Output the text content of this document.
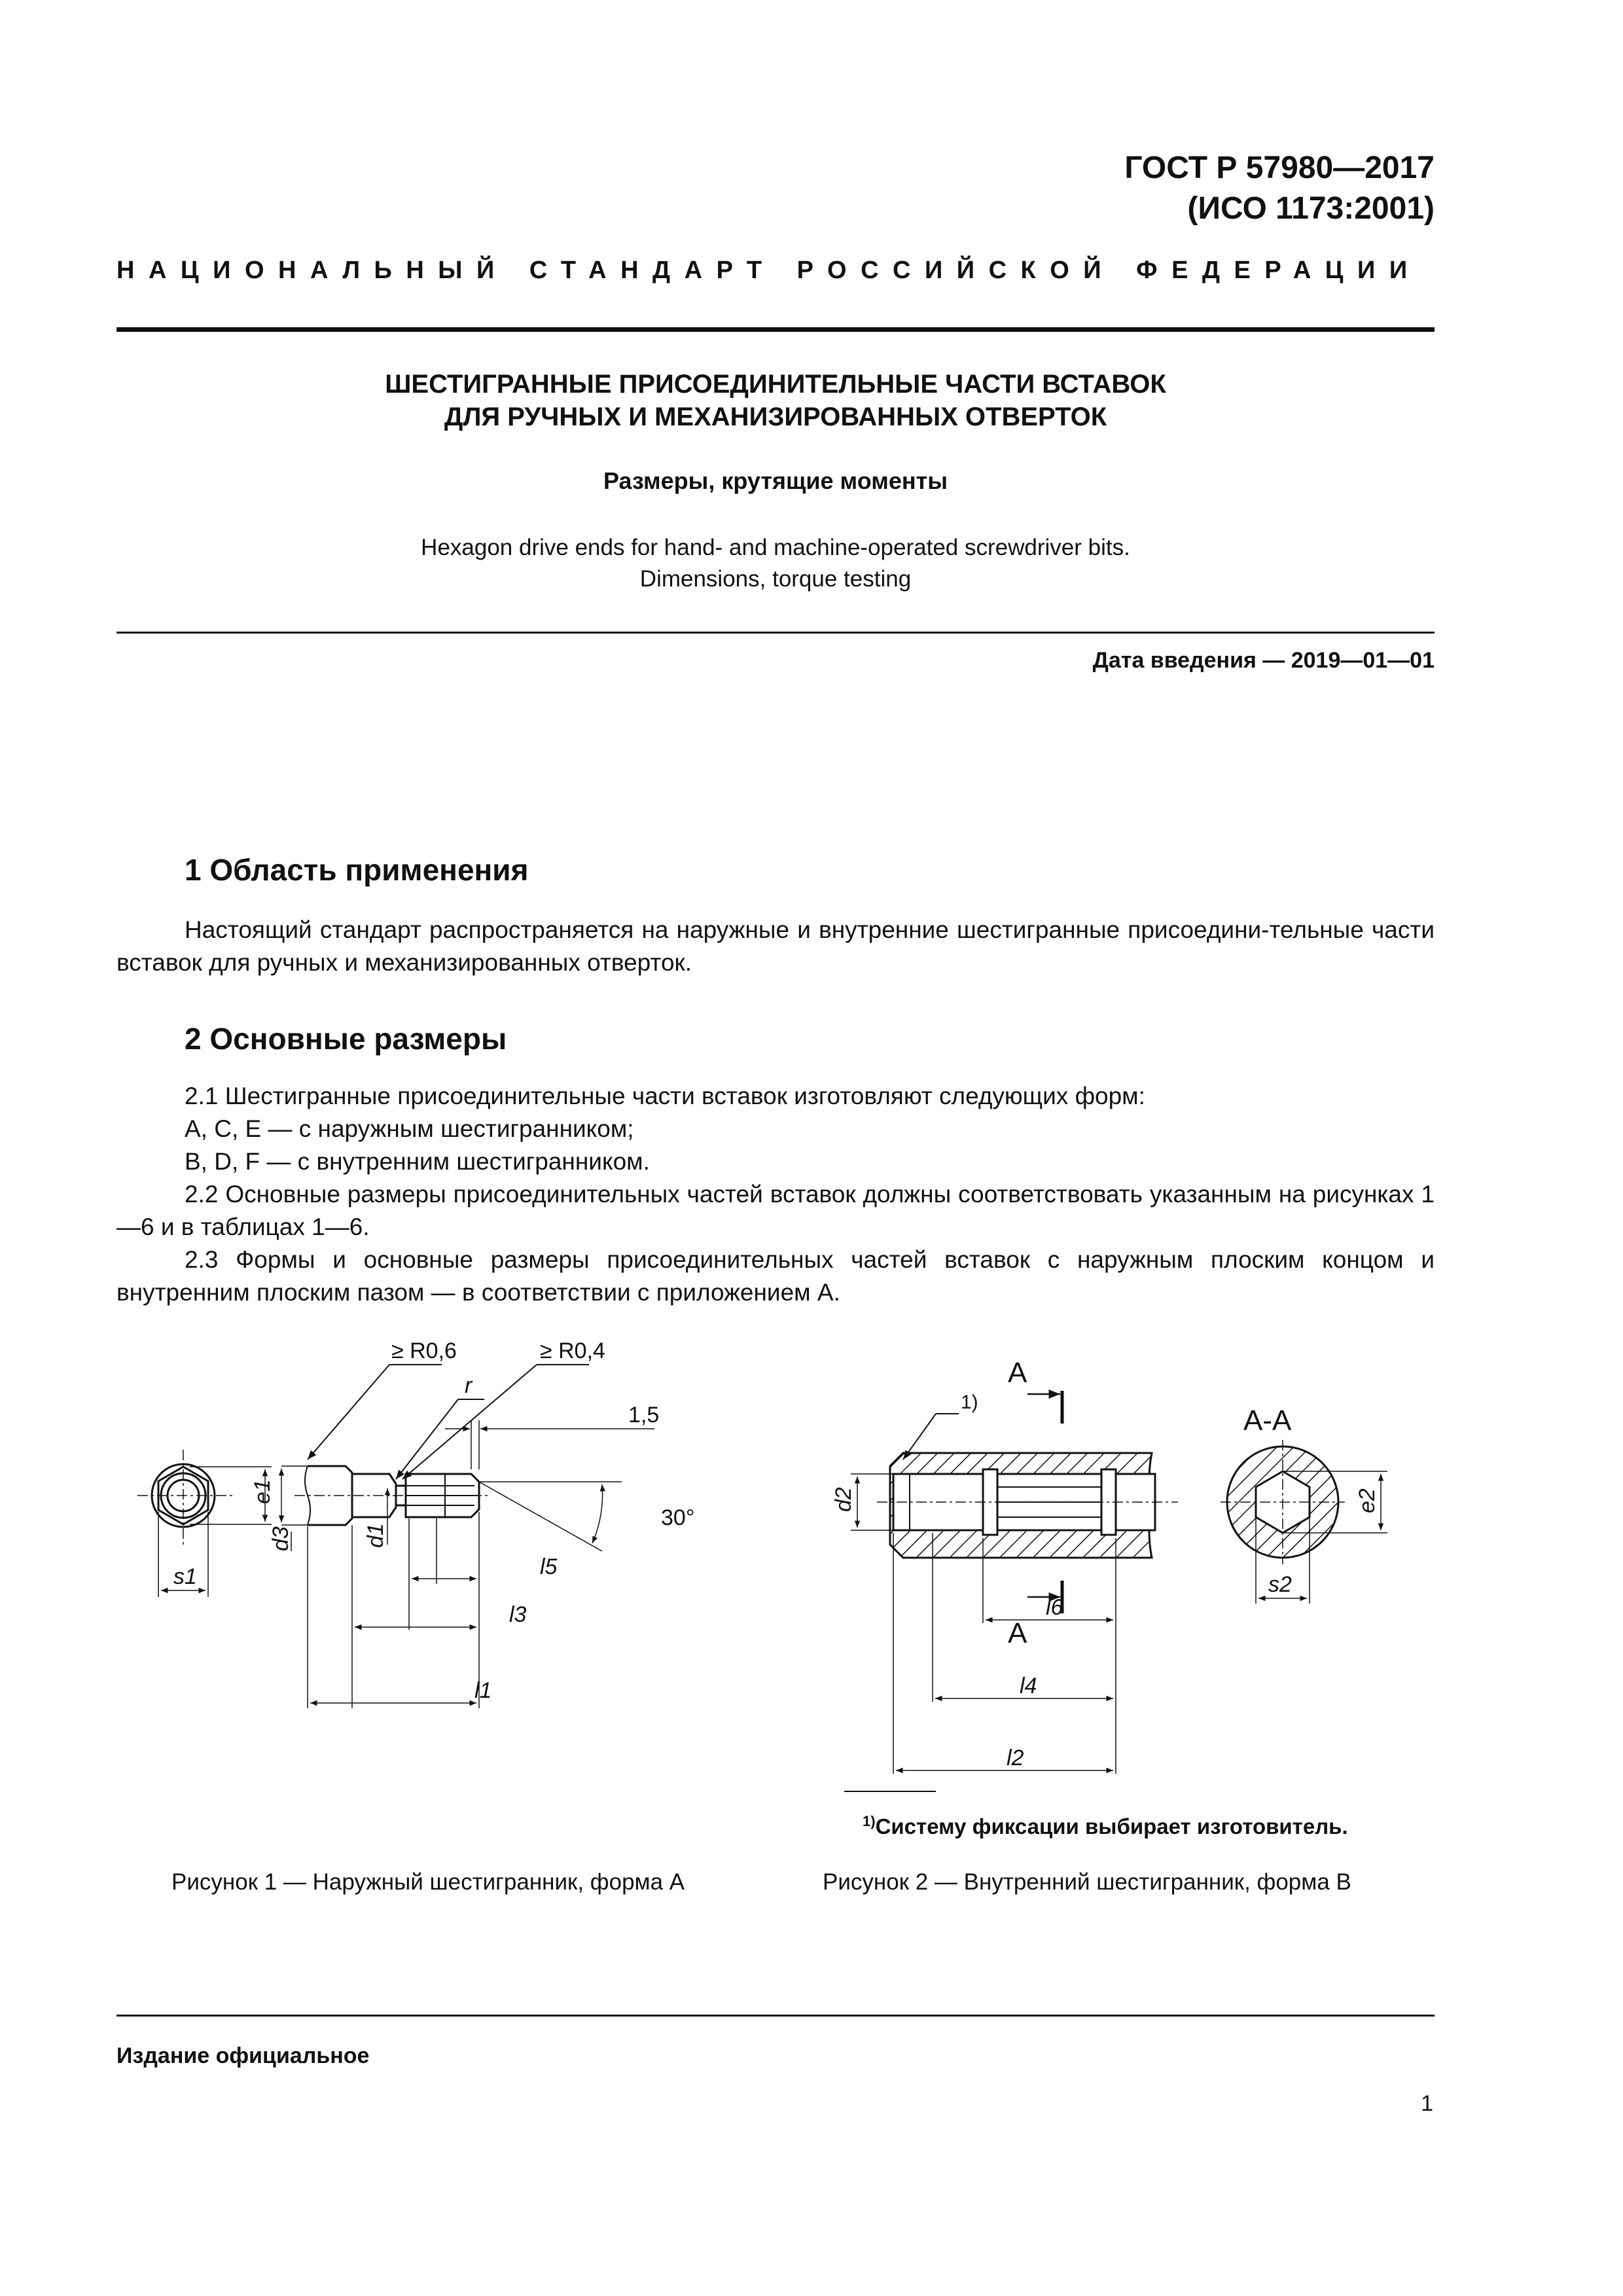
ГОСТ Р 57980—2017
(ИСО 1173:2001)
НАЦИОНАЛЬНЫЙ СТАНДАРТ РОССИЙСКОЙ ФЕДЕРАЦИИ
ШЕСТИГРАННЫЕ ПРИСОЕДИНИТЕЛЬНЫЕ ЧАСТИ ВСТАВОК
ДЛЯ РУЧНЫХ И МЕХАНИЗИРОВАННЫХ ОТВЕРТОК
Размеры, крутящие моменты
Hexagon drive ends for hand- and machine-operated screwdriver bits.
Dimensions, torque testing
Дата введения — 2019—01—01
1 Область применения
Настоящий стандарт распространяется на наружные и внутренние шестигранные присоедини-тельные части вставок для ручных и механизированных отверток.
2 Основные размеры
2.1 Шестигранные присоединительные части вставок изготовляют следующих форм:
A, C, E — с наружным шестигранником;
B, D, F — с внутренним шестигранником.
2.2 Основные размеры присоединительных частей вставок должны соответствовать указанным на рисунках 1—6 и в таблицах 1—6.
2.3 Формы и основные размеры присоединительных частей вставок с наружным плоским концом и внутренним плоским пазом — в соответствии с приложением А.
≥ R0,6	≥ R0,4
r
1,5
30°
e1
s1
d3	d1
l5
l3
l1
A
A
A-A
1)
d2	e2
s2
l6
l4
l2
$^{1)}$Систему фиксации выбирает изготовитель.
Рисунок 1 — Наружный шестигранник, форма А	Рисунок 2 — Внутренний шестигранник, форма B
Издание официальное
1
